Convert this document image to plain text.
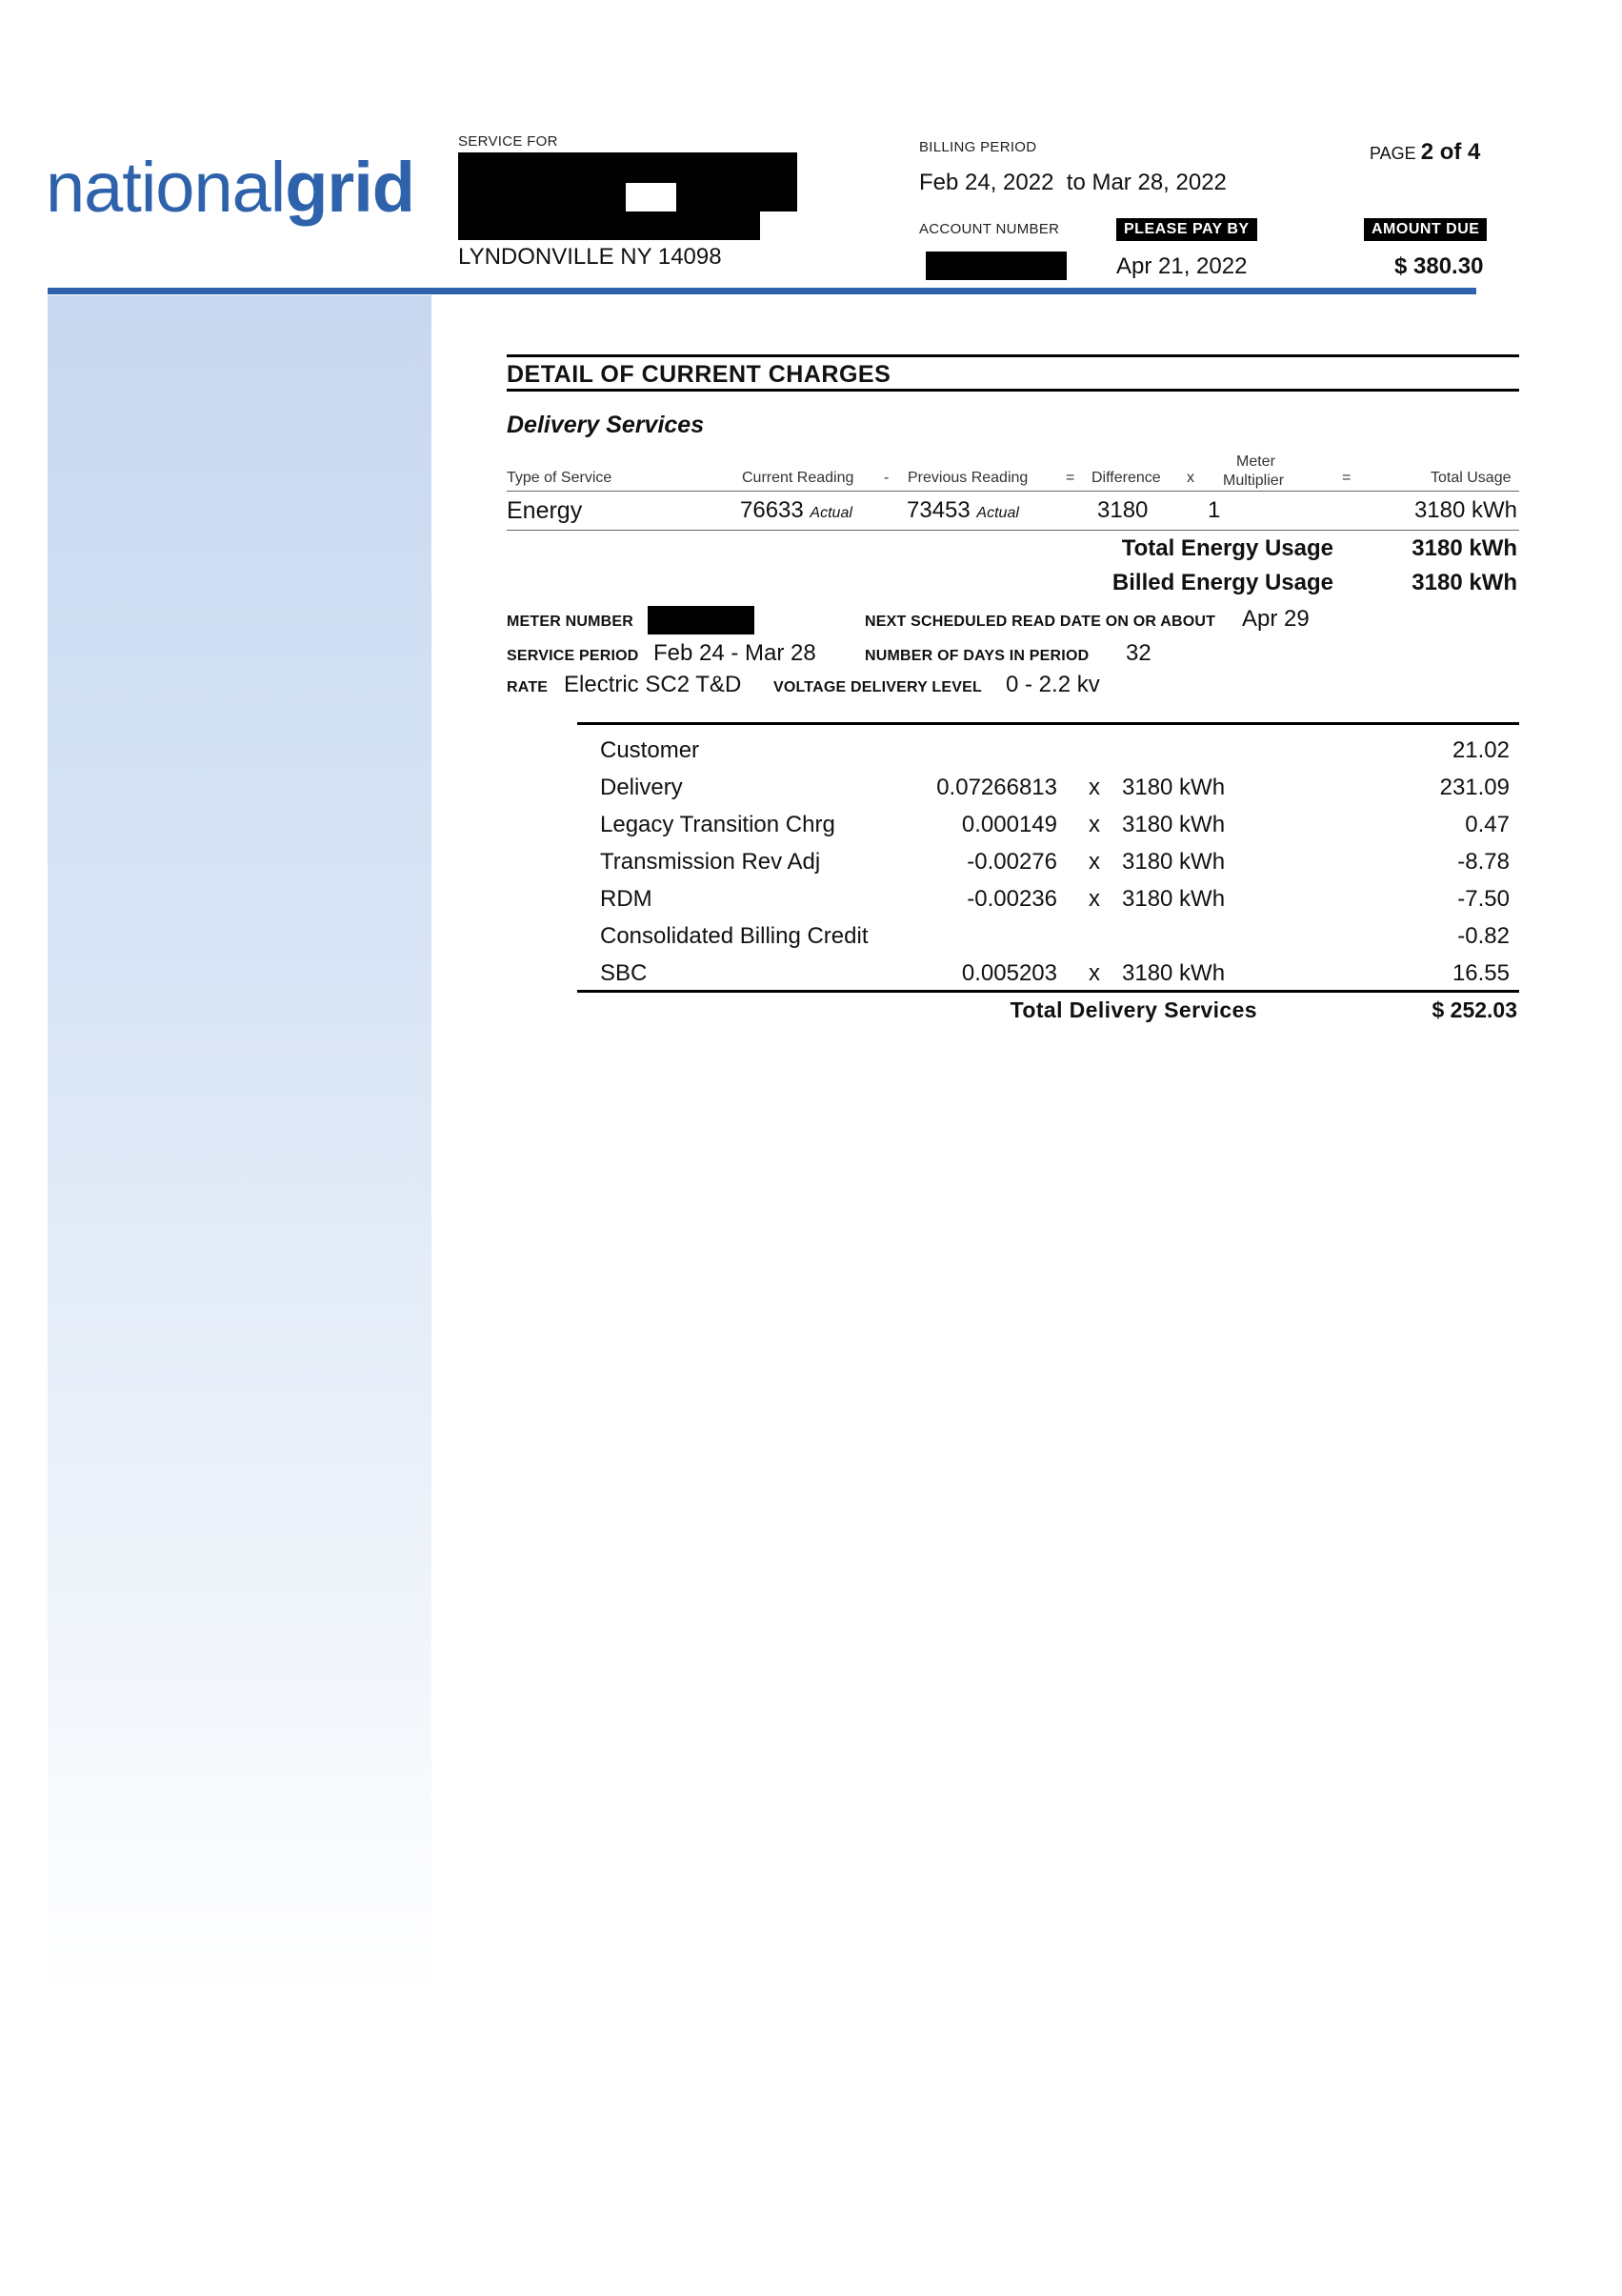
nationalgrid
SERVICE FOR
LYNDONVILLE NY 14098
BILLING PERIOD
Feb 24, 2022  to Mar 28, 2022
ACCOUNT NUMBER	PLEASE PAY BY
Apr 21, 2022
PAGE 2 of 4
AMOUNT DUE
$ 380.30
DETAIL OF CURRENT CHARGES
Delivery Services
Type of Service	Current Reading - Previous Reading = Difference x
Meter
Multiplier	=	Total Usage
Energy	76633 Actual 73453 Actual	3180	1	3180 kWh
Total Energy Usage	3180 kWh
Billed Energy Usage	3180 kWh
METER NUMBER	NEXT SCHEDULED READ DATE ON OR ABOUT Apr 29
SERVICE PERIOD Feb 24 - Mar 28	NUMBER OF DAYS IN PERIOD 32
RATE Electric SC2 T&D VOLTAGE DELIVERY LEVEL 0 - 2.2 kv
Customer	21.02
Delivery	0.07266813 x 3180 kWh	231.09
Legacy Transition Chrg	0.000149 x 3180 kWh	0.47
Transmission Rev Adj	-0.00276 x 3180 kWh	-8.78
RDM	-0.00236 x 3180 kWh	-7.50
Consolidated Billing Credit	-0.82
SBC	0.005203 x 3180 kWh	16.55
Total Delivery Services	$ 252.03
